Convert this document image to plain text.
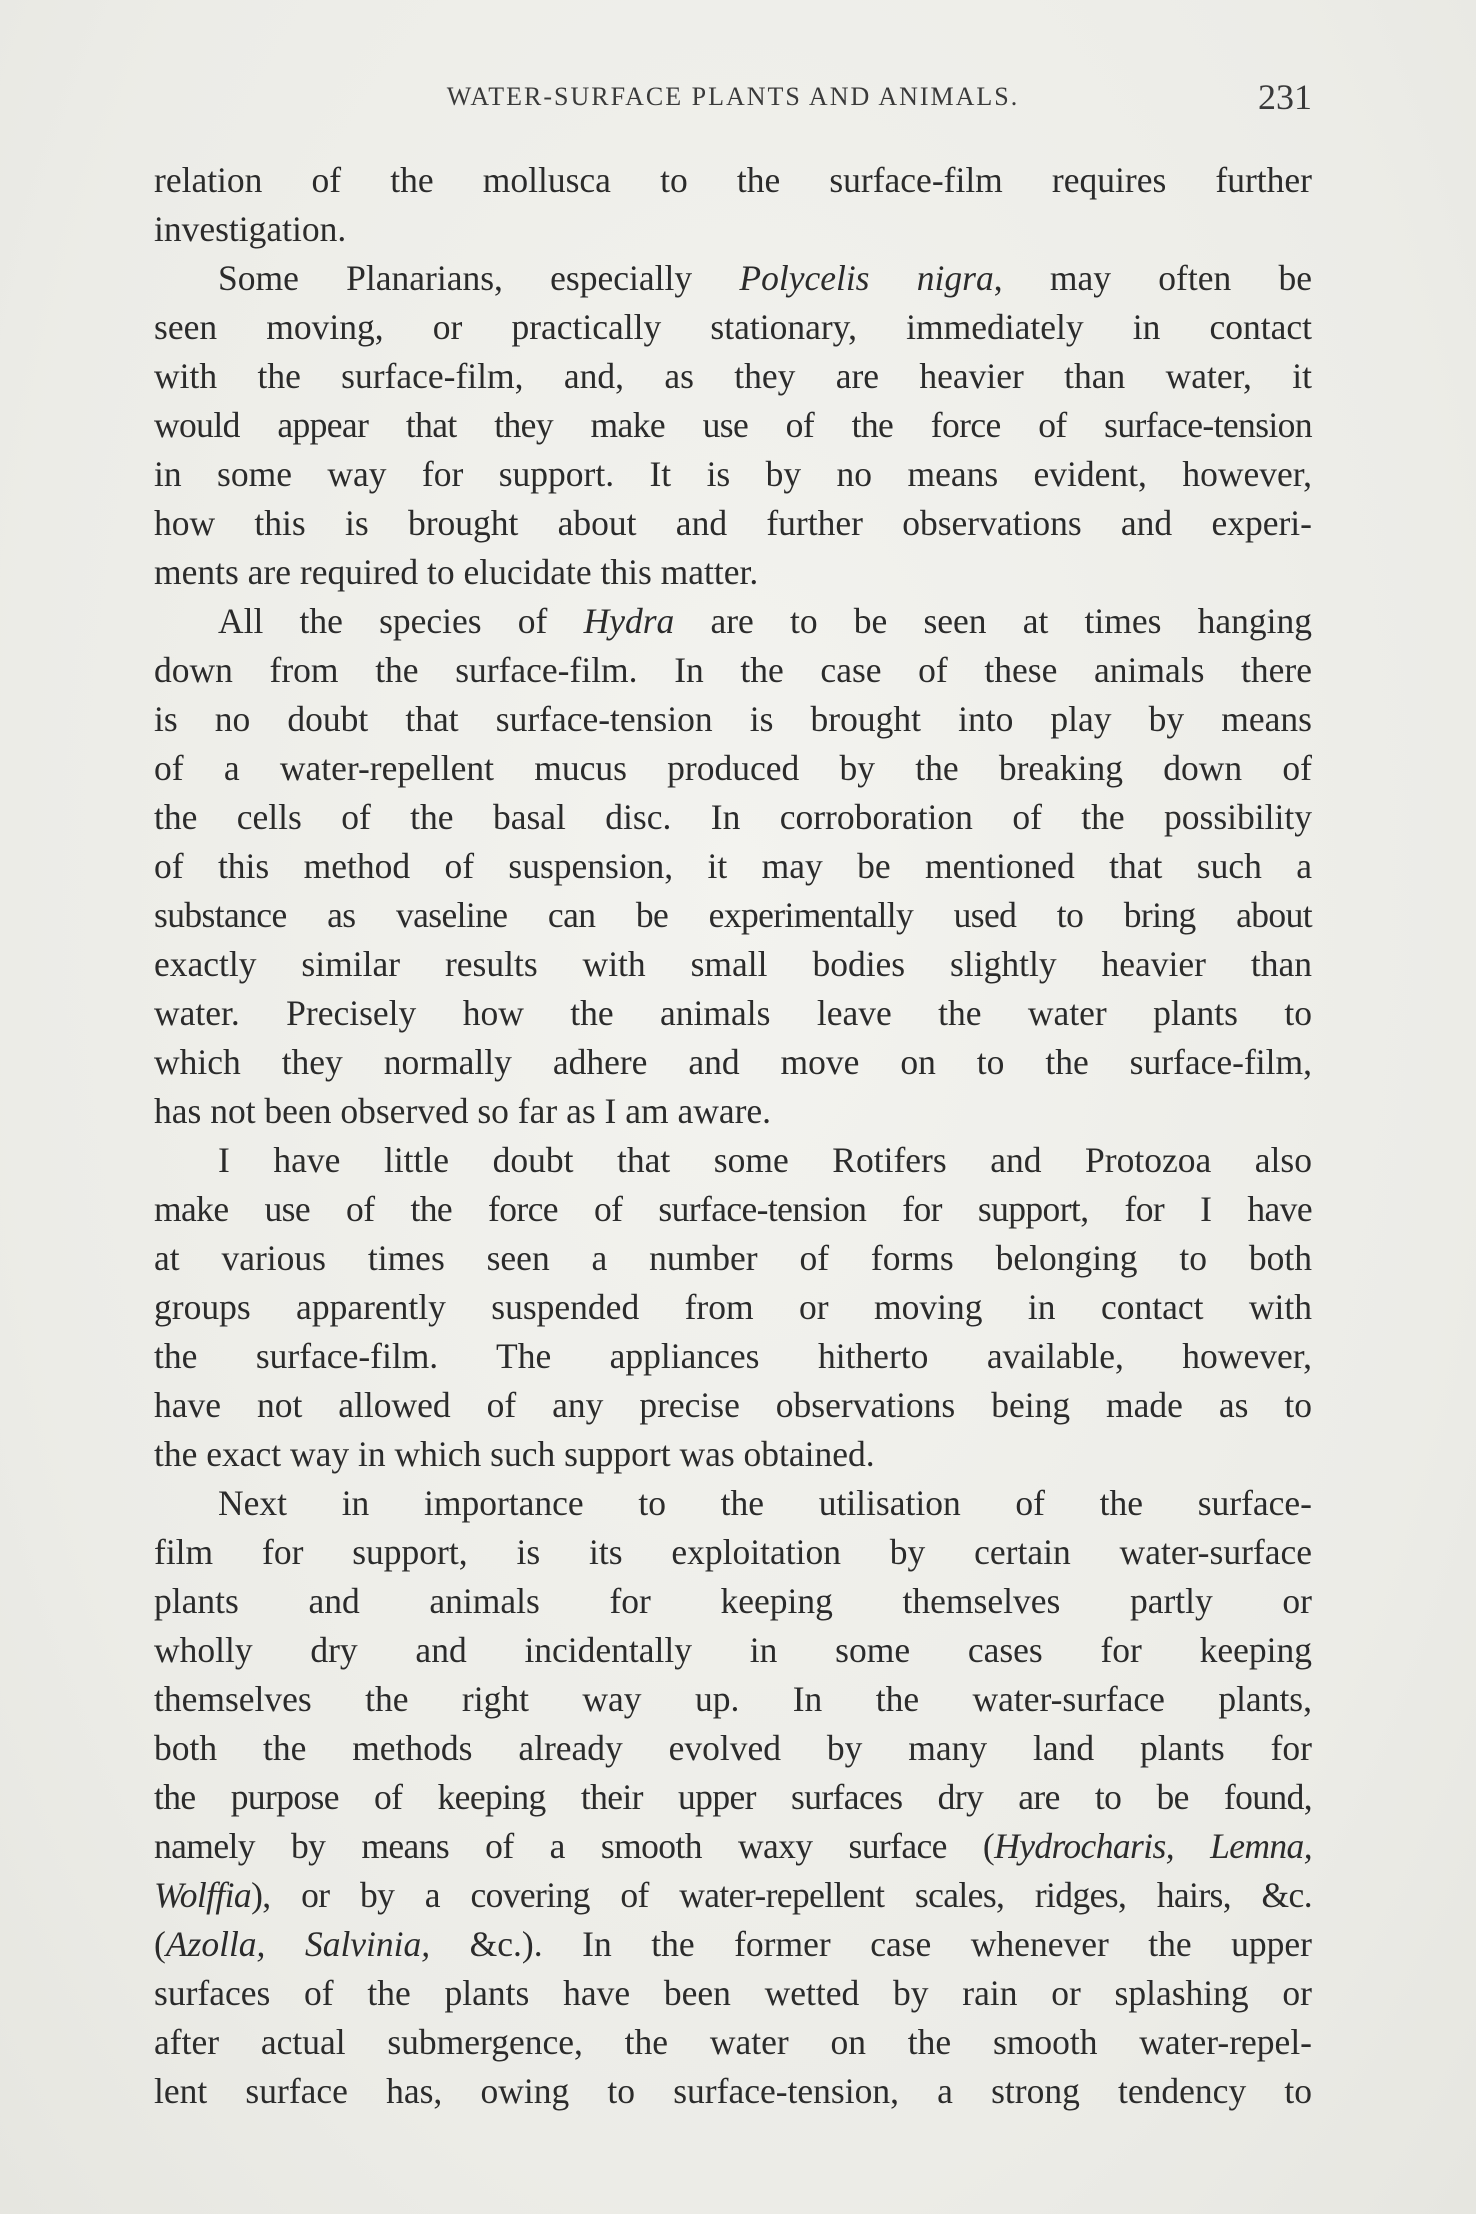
WATER-SURFACE PLANTS AND ANIMALS.	231
relation of the mollusca to the surface-film requires further
investigation.
Some Planarians, especially Polycelis nigra, may often be
seen moving, or practically stationary, immediately in contact
with the surface-film, and, as they are heavier than water, it
would appear that they make use of the force of surface-tension
in some way for support. It is by no means evident, however,
how this is brought about and further observations and experi-
ments are required to elucidate this matter.
All the species of Hydra are to be seen at times hanging
down from the surface-film. In the case of these animals there
is no doubt that surface-tension is brought into play by means
of a water-repellent mucus produced by the breaking down of
the cells of the basal disc. In corroboration of the possibility
of this method of suspension, it may be mentioned that such a
substance as vaseline can be experimentally used to bring about
exactly similar results with small bodies slightly heavier than
water. Precisely how the animals leave the water plants to
which they normally adhere and move on to the surface-film,
has not been observed so far as I am aware.
I have little doubt that some Rotifers and Protozoa also
make use of the force of surface-tension for support, for I have
at various times seen a number of forms belonging to both
groups apparently suspended from or moving in contact with
the surface-film. The appliances hitherto available, however,
have not allowed of any precise observations being made as to
the exact way in which such support was obtained.
Next in importance to the utilisation of the surface-
film for support, is its exploitation by certain water-surface
plants and animals for keeping themselves partly or
wholly dry and incidentally in some cases for keeping
themselves the right way up. In the water-surface plants,
both the methods already evolved by many land plants for
the purpose of keeping their upper surfaces dry are to be found,
namely by means of a smooth waxy surface (Hydrocharis, Lemna,
Wolffia), or by a covering of water-repellent scales, ridges, hairs, &c.
(Azolla, Salvinia, &c.). In the former case whenever the upper
surfaces of the plants have been wetted by rain or splashing or
after actual submergence, the water on the smooth water-repel-
lent surface has, owing to surface-tension, a strong tendency to
